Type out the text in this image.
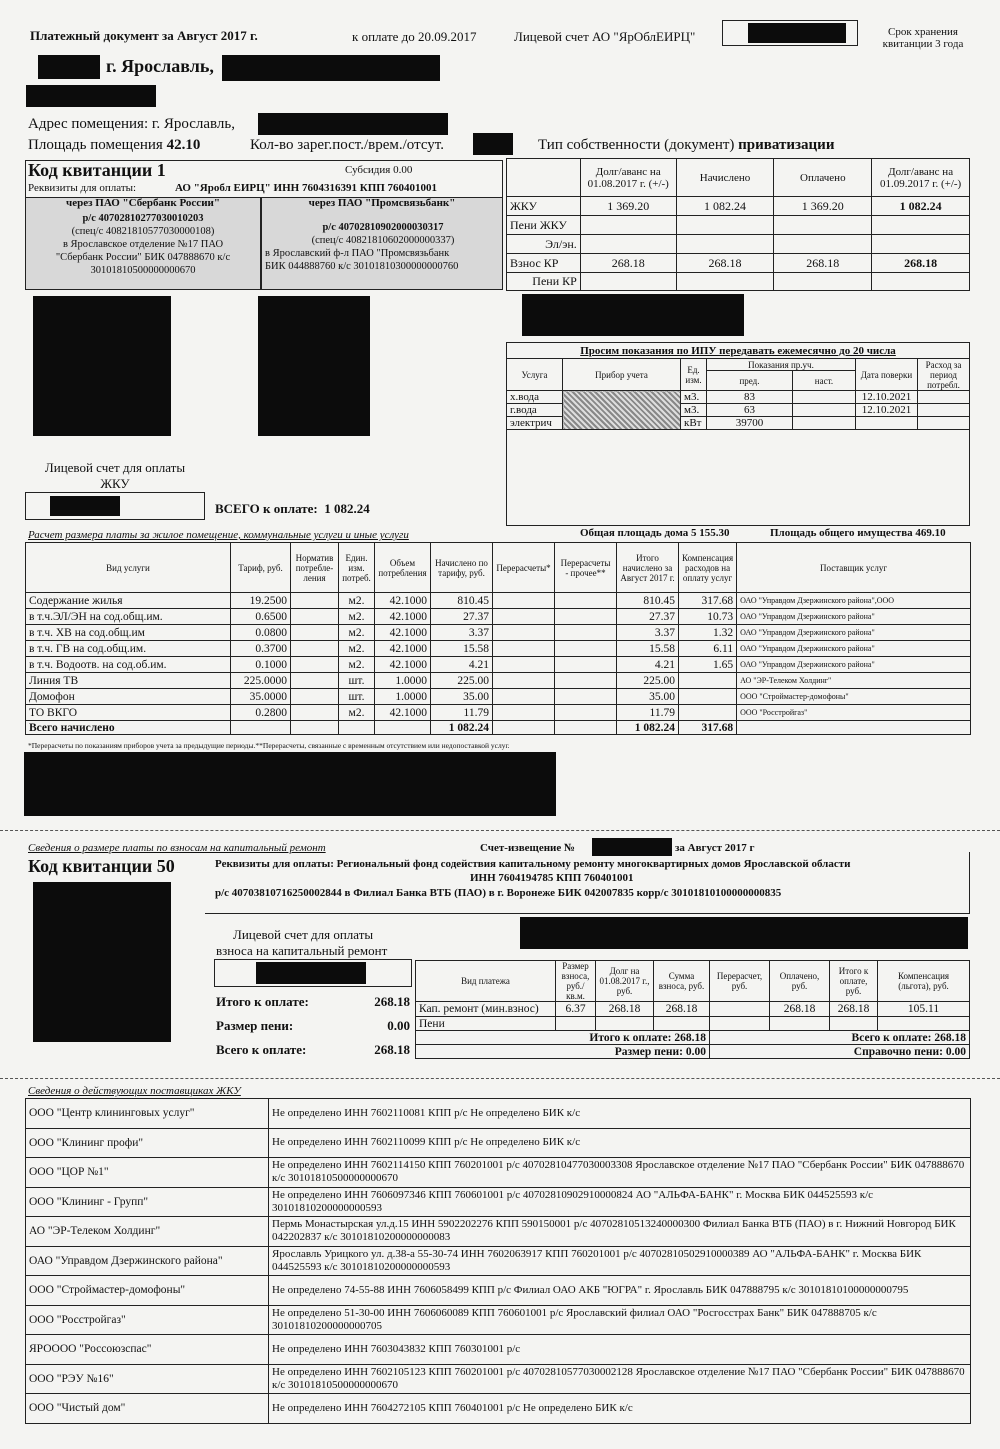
Платежный документ за Август 2017 г.	к оплате до 20.09.2017	Лицевой счет АО "ЯрОблЕИРЦ"	Срок хранения
квитанции 3 года
г. Ярославль,
Адрес помещения: г. Ярославль,
Площадь помещения 42.10	Кол-во зарег.пост./врем./отсут.	Тип собственности (документ) приватизации
Код квитанции 1	Субсидия 0.00
Реквизиты для оплаты:	АО "Яробл ЕИРЦ" ИНН 7604316391 КПП 760401001
через ПАО "Сбербанк России"	через ПАО "Промсвязьбанк"
р/с 40702810277030010203
(спец/с 40821810577030000108)
в Ярославское отделение №17 ПАО
"Сбербанк России" БИК 047888670 к/с
30101810500000000670
р/с 40702810902000030317
(спец/с 40821810602000000337)
в Ярославский ф-л ПАО "Промсвязьбанк
БИК 044888760 к/с 30101810300000000760
Лицевой счет для оплаты
ЖКУ
ВСЕГО к оплате: 1 082.24
	Долг/аванс на 01.08.2017 г. (+/-)	Начислено	Оплачено	Долг/аванс на 01.09.2017 г. (+/-)
ЖКУ	1 369.20	1 082.24	1 369.20	1 082.24
Пени ЖКУ				
Эл/эн.				
Взнос КР	268.18	268.18	268.18	268.18
Пени КР				
Просим показания по ИПУ передавать ежемесячно до 20 числа
Услуга	Прибор учета	Ед. изм.	Показания пр.уч.		Дата поверки	Расход за период потребл.
			пред.	наст.		
х.вода		м3.	83		12.10.2021	
г.вода		м3.	63		12.10.2021	
электрич		кВт	39700			
Расчет размера платы за жилое помещение, коммунальные услуги и иные услуги	Общая площадь дома 5 155.30	Площадь общего имущества 469.10
Вид услуги	Тариф, руб.	Норматив потребле-ления	Един. изм. потреб.	Объем потребления	Начислено по тарифу, руб.	Перерасчеты*	Перерасчеты - прочее**	Итого начислено за Август 2017 г.	Компенсация расходов на оплату услуг	Поставщик услуг
Содержание жилья	19.2500		м2.	42.1000	810.45			810.45	317.68	ОАО "Управдом Дзержинского района",ООО
в т.ч.ЭЛ/ЭН на сод.общ.им.	0.6500		м2.	42.1000	27.37			27.37	10.73	ОАО "Управдом Дзержинского района"
в т.ч. ХВ на сод.общ.им	0.0800		м2.	42.1000	3.37			3.37	1.32	ОАО "Управдом Дзержинского района"
в т.ч. ГВ на сод.общ.им.	0.3700		м2.	42.1000	15.58			15.58	6.11	ОАО "Управдом Дзержинского района"
в т.ч. Водоотв. на сод.об.им.	0.1000		м2.	42.1000	4.21			4.21	1.65	ОАО "Управдом Дзержинского района"
Линия ТВ	225.0000		шт.	1.0000	225.00			225.00		АО "ЭР-Телеком Холдинг"
Домофон	35.0000		шт.	1.0000	35.00			35.00		ООО "Строймастер-домофоны"
ТО ВКГО	0.2800		м2.	42.1000	11.79			11.79		ООО "Росстройгаз"
Всего начислено					1 082.24			1 082.24	317.68	
*Перерасчеты по показаниям приборов учета за предыдущие периоды.**Перерасчеты, связанные с временным отсутствием или недопоставкой услуг.
Сведения о размере платы по взносам на капитальный ремонт	Счет-извещение №	за Август 2017 г
Код квитанции 50	Реквизиты для оплаты: Региональный фонд содействия капитальному ремонту многоквартирных домов Ярославской области
ИНН 7604194785 КПП 760401001
р/с 40703810716250002844 в Филиал Банка ВТБ (ПАО) в г. Воронеже БИК 042007835 корр/с 30101810100000000835
Лицевой счет для оплаты
взноса на капитальный ремонт
Итого к оплате:	268.18
Размер пени:	0.00
Всего к оплате:	268.18
Вид платежа	Размер взноса, руб./кв.м.	Долг на 01.08.2017 г., руб.	Сумма взноса, руб.	Перерасчет, руб.	Оплачено, руб.	Итого к оплате, руб.	Компенсация (льгота), руб.
Кап. ремонт (мин.взнос)	6.37	268.18	268.18		268.18	268.18	105.11
Пени							
Итого к оплате: 268.18				Всего к оплате: 268.18			
Размер пени: 0.00				Справочно пени: 0.00			
Сведения о действующих поставщиках ЖКУ
ООО "Центр клининговых услуг"	Не определено ИНН 7602110081 КПП р/с Не определено БИК к/с
ООО "Клининг профи"	Не определено ИНН 7602110099 КПП р/с Не определено БИК к/с
ООО "ЦОР №1"	Не определено ИНН 7602114150 КПП 760201001 р/с 40702810477030003308 Ярославское отделение №17 ПАО "Сбербанк России" БИК 047888670 к/с 30101810500000000670
ООО "Клининг - Групп"	Не определено ИНН 7606097346 КПП 760601001 р/с 40702810902910000824 АО "АЛЬФА-БАНК" г. Москва БИК 044525593 к/с 30101810200000000593
АО "ЭР-Телеком Холдинг"	Пермь Монастырская ул.д.15 ИНН 5902202276 КПП 590150001 р/с 40702810513240000300 Филиал Банка ВТБ (ПАО) в г. Нижний Новгород БИК 042202837 к/с 30101810200000000083
ОАО "Управдом Дзержинского района"	Ярославль Урицкого ул. д.38-а 55-30-74 ИНН 7602063917 КПП 760201001 р/с 40702810502910000389 АО "АЛЬФА-БАНК" г. Москва БИК 044525593 к/с 30101810200000000593
ООО "Строймастер-домофоны"	Не определено 74-55-88 ИНН 7606058499 КПП р/с Филиал ОАО АКБ "ЮГРА" г. Ярославль БИК 047888795 к/с 30101810100000000795
ООО "Росстройгаз"	Не определено 51-30-00 ИНН 7606060089 КПП 760601001 р/с Ярославский филиал ОАО "Росгосстрах Банк" БИК 047888705 к/с 30101810200000000705
ЯРОООО "Россоюзспас"	Не определено ИНН 7603043832 КПП 760301001 р/с
ООО "РЭУ №16"	Не определено ИНН 7602105123 КПП 760201001 р/с 40702810577030002128 Ярославское отделение №17 ПАО "Сбербанк России" БИК 047888670 к/с 30101810500000000670
ООО "Чистый дом"	Не определено ИНН 7604272105 КПП 760401001 р/с Не определено БИК к/с
